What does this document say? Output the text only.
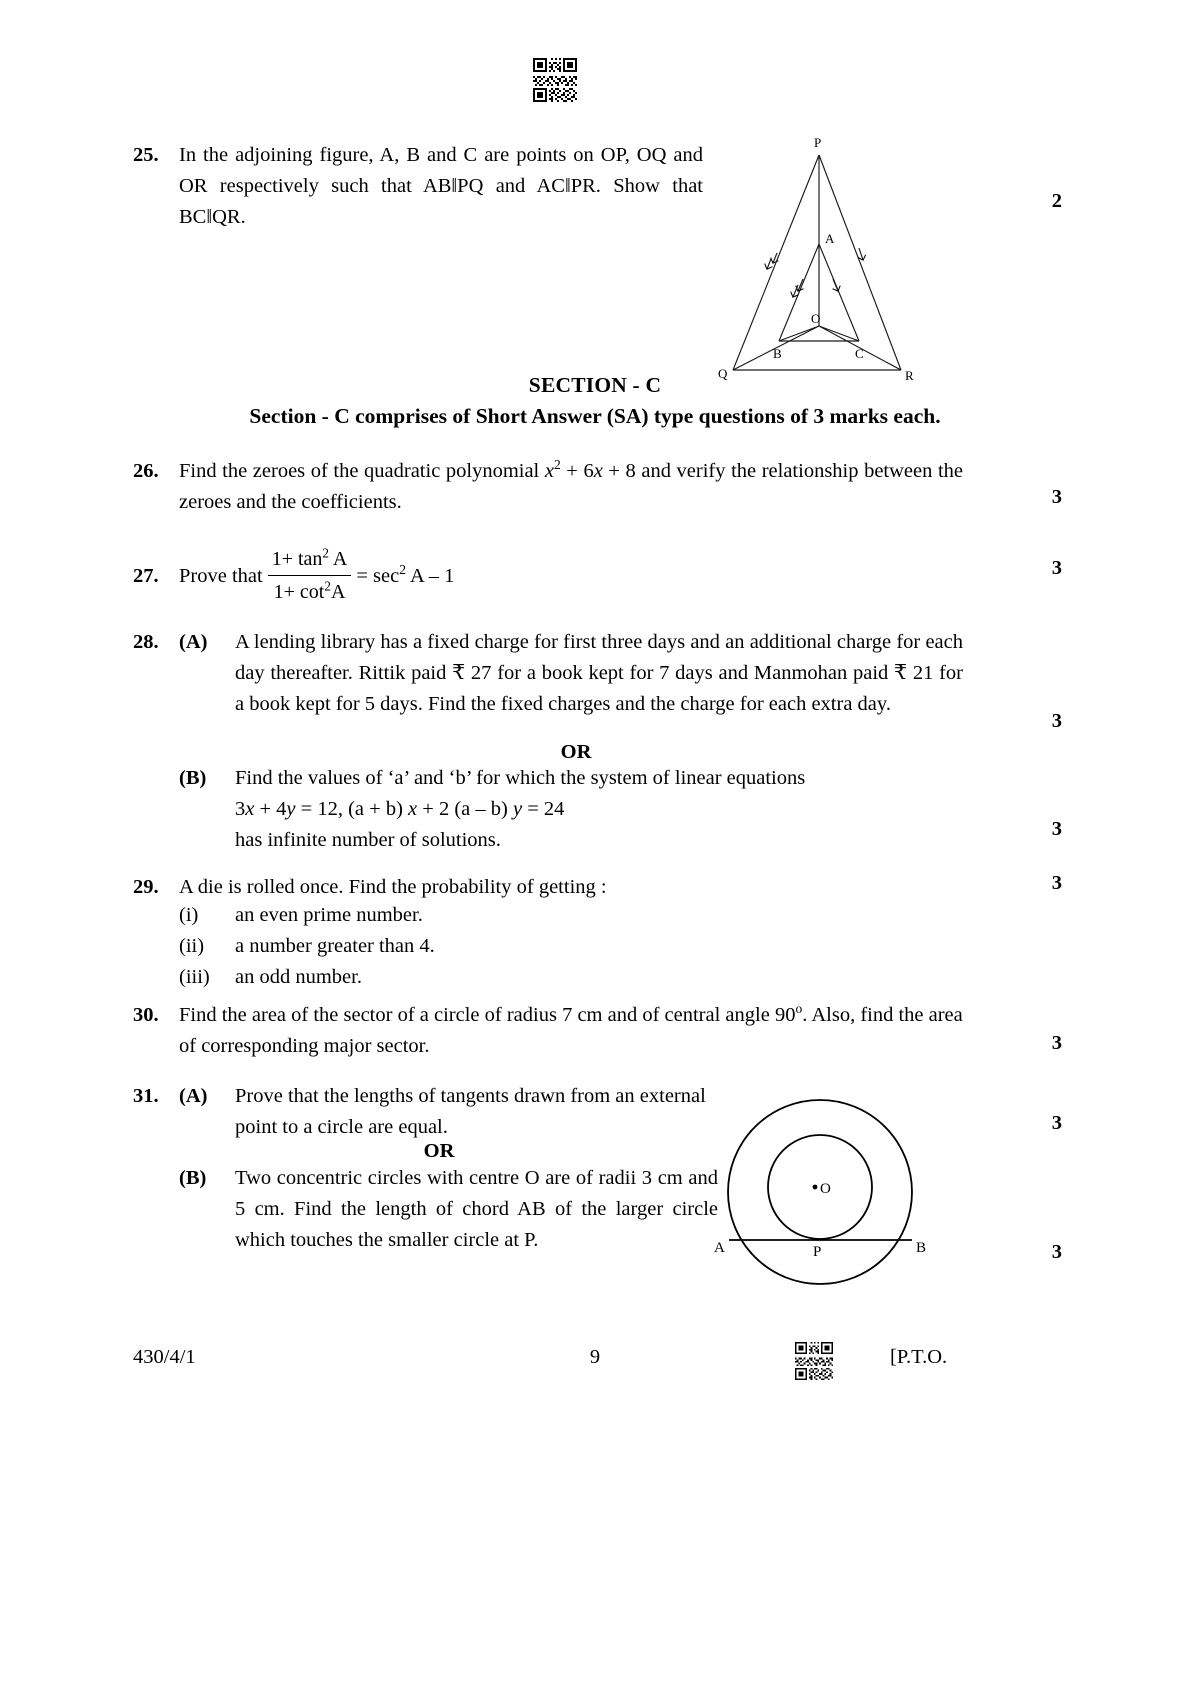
25. In the adjoining figure, A, B and C are points on OP, OQ and OR respectively such that AB‖PQ and AC‖PR. Show that BC‖QR.
2
P
A
O
B	C
Q	R
SECTION - C
Section - C comprises of Short Answer (SA) type questions of 3 marks each.
26. Find the zeroes of the quadratic polynomial $x^2 + 6x + 8$ and verify the relationship between the zeroes and the coefficients.	3
27. Prove that $\frac{1+ \tan^2 A}{1+ \cot^2A} = \sec^2 A - 1$	3
28. (A)	A lending library has a fixed charge for first three days and an additional charge for each day thereafter. Rittik paid ₹ 27 for a book kept for 7 days and Manmohan paid ₹ 21 for a book kept for 5 days. Find the fixed charges and the charge for each extra day.
3
OR
(B)	Find the values of ‘a’ and ‘b’ for which the system of linear equations
3x + 4y = 12, (a + b) x + 2 (a – b) y = 24
has infinite number of solutions.
3
29. A die is rolled once. Find the probability of getting :	3
(i)	an even prime number.
(ii)	a number greater than 4.
(iii)	an odd number.
30. Find the area of the sector of a circle of radius 7 cm and of central angle 90$^o$. Also, find the area of corresponding major sector.	3
31. (A)	Prove that the lengths of tangents drawn from an external point to a circle are equal.	3
OR
(B)	Two concentric circles with centre O are of radii 3 cm and 5 cm. Find the length of chord AB of the larger circle which touches the smaller circle at P.
3
O
A	P	B
430/4/1	9	[P.T.O.
